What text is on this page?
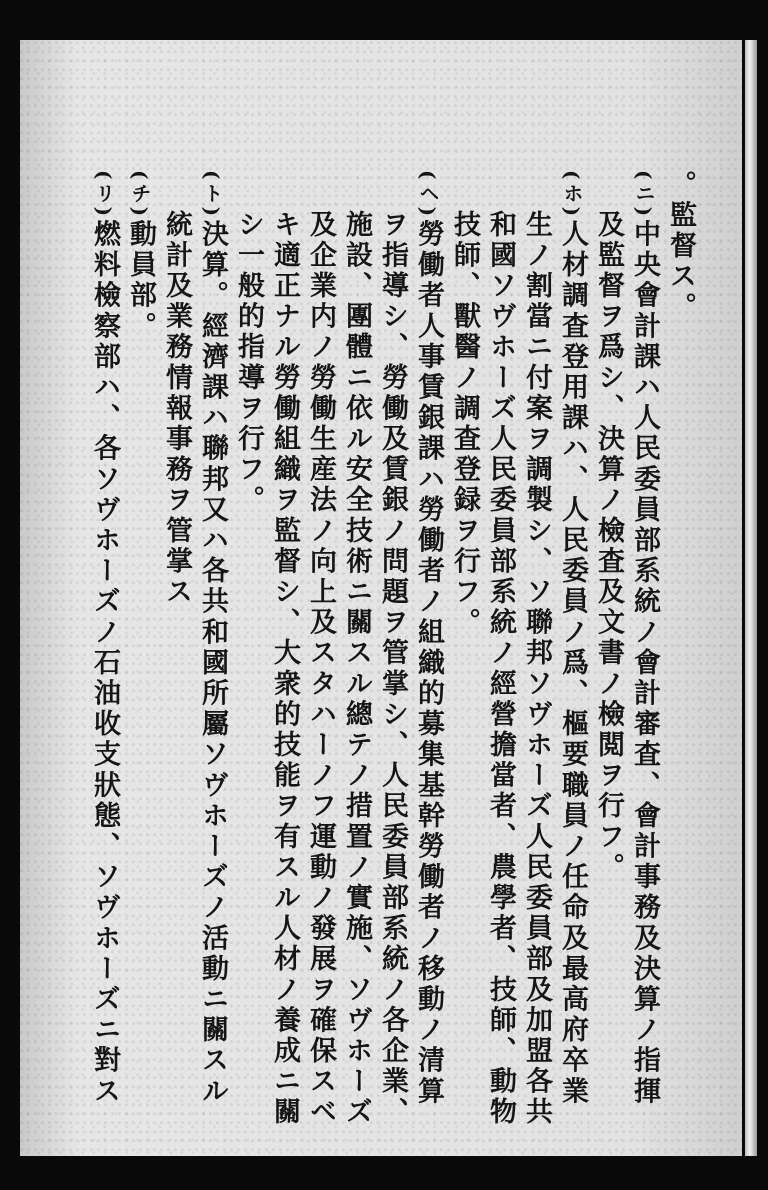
。監督ス。
(ニ)中央會計課ハ人民委員部系統ノ會計審査、會計事務及決算ノ指揮
及監督ヲ爲シ、決算ノ檢査及文書ノ檢閲ヲ行フ。
(ホ)人材調査登用課ハ、人民委員ノ爲、樞要職員ノ任命及最高府卒業
生ノ割當ニ付案ヲ調製シ、ソ聯邦ソヴホーズ人民委員部及加盟各共
和國ソヴホーズ人民委員部系統ノ經營擔當者、農學者、技師、動物
技師、獸醫ノ調査登録ヲ行フ。
(ヘ)勞働者人事賃銀課ハ勞働者ノ組織的募集基幹勞働者ノ移動ノ清算
ヲ指導シ、勞働及賃銀ノ問題ヲ管掌シ、人民委員部系統ノ各企業、
施設、團體ニ依ル安全技術ニ關スル總テノ措置ノ實施、ソヴホーズ
及企業内ノ勞働生産法ノ向上及スタハーノフ運動ノ發展ヲ確保スベ
キ適正ナル勞働組織ヲ監督シ、大衆的技能ヲ有スル人材ノ養成ニ關
シ一般的指導ヲ行フ。
(ト)決算。經濟課ハ聯邦又ハ各共和國所屬ソヴホーズノ活動ニ關スル
統計及業務情報事務ヲ管掌ス
(チ)動員部。
(リ)燃料檢察部ハ、各ソヴホーズノ石油收支狀態、ソヴホーズニ對ス
